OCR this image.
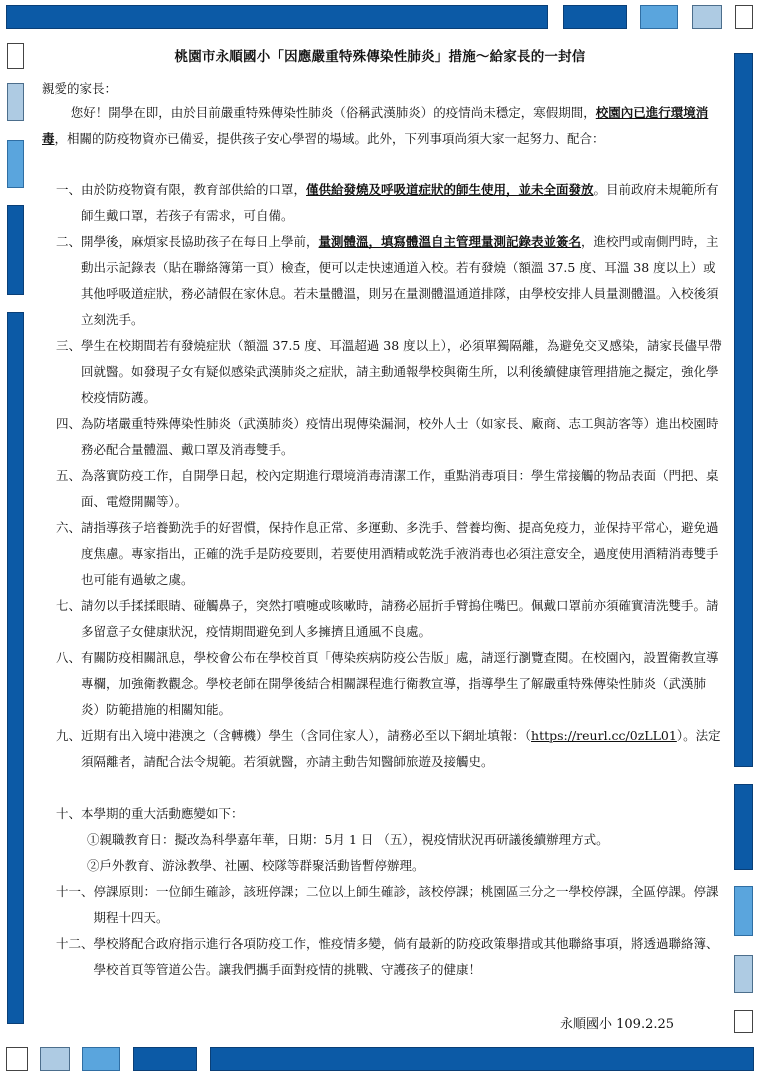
桃園市永順國小「因應嚴重特殊傳染性肺炎」措施～給家長的一封信
親愛的家長：
您好！開學在即，由於目前嚴重特殊傳染性肺炎（俗稱武漢肺炎）的疫情尚未穩定，寒假期間，校園內已進行環境消毒，相關的防疫物資亦已備妥，提供孩子安心學習的場域。此外，下列事項尚須大家一起努力、配合：
一、 由於防疫物資有限，教育部供給的口罩，僅供給發燒及呼吸道症狀的師生使用，並未全面發放。目前政府未規範所有師生戴口罩，若孩子有需求，可自備。
二、 開學後，麻煩家長協助孩子在每日上學前，量測體溫，填寫體溫自主管理量測記錄表並簽名，進校門或南側門時，主動出示記錄表（貼在聯絡簿第一頁）檢查，便可以走快速通道入校。若有發燒（額溫 37.5 度、耳溫 38 度以上）或其他呼吸道症狀，務必請假在家休息。若未量體溫，則另在量測體溫通道排隊，由學校安排人員量測體溫。入校後須立刻洗手。
三、 學生在校期間若有發燒症狀（額溫 37.5 度、耳溫超過 38 度以上），必須單獨隔離，為避免交叉感染，請家長儘早帶回就醫。如發現子女有疑似感染武漢肺炎之症狀，請主動通報學校與衛生所，以利後續健康管理措施之擬定，強化學校疫情防護。
四、 為防堵嚴重特殊傳染性肺炎（武漢肺炎）疫情出現傳染漏洞，校外人士（如家長、廠商、志工與訪客等）進出校園時務必配合量體溫、戴口罩及消毒雙手。
五、 為落實防疫工作，自開學日起，校內定期進行環境消毒清潔工作，重點消毒項目：學生常接觸的物品表面（門把、桌面、電燈開關等）。
六、 請指導孩子培養勤洗手的好習慣，保持作息正常、多運動、多洗手、營養均衡、提高免疫力，並保持平常心，避免過度焦慮。專家指出，正確的洗手是防疫要則，若要使用酒精或乾洗手液消毒也必須注意安全，過度使用酒精消毒雙手也可能有過敏之虞。
七、 請勿以手揉揉眼睛、碰觸鼻子，突然打噴嚏或咳嗽時，請務必屈折手臂摀住嘴巴。佩戴口罩前亦須確實清洗雙手。請多留意子女健康狀況，疫情期間避免到人多擁擠且通風不良處。
八、 有關防疫相關訊息，學校會公布在學校首頁「傳染疾病防疫公告版」處，請逕行瀏覽查閱。在校園內，設置衛教宣導專欄，加強衛教觀念。學校老師在開學後結合相關課程進行衛教宣導，指導學生了解嚴重特殊傳染性肺炎（武漢肺炎）防範措施的相關知能。
九、 近期有出入境中港澳之（含轉機）學生（含同住家人），請務必至以下網址填報：（https://reurl.cc/0zLL01）。法定須隔離者，請配合法令規範。若須就醫，亦請主動告知醫師旅遊及接觸史。
十、 本學期的重大活動應變如下：
①親職教育日：擬改為科學嘉年華，日期：5月 1 日 （五），視疫情狀況再研議後續辦理方式。
②戶外教育、游泳教學、社團、校隊等群聚活動皆暫停辦理。
十一、 停課原則：一位師生確診，該班停課；二位以上師生確診，該校停課；桃園區三分之一學校停課，全區停課。停課期程十四天。
十二、 學校將配合政府指示進行各項防疫工作，惟疫情多變，倘有最新的防疫政策舉措或其他聯絡事項，將透過聯絡簿、學校首頁等管道公告。讓我們攜手面對疫情的挑戰、守護孩子的健康！
永順國小 109.2.25
